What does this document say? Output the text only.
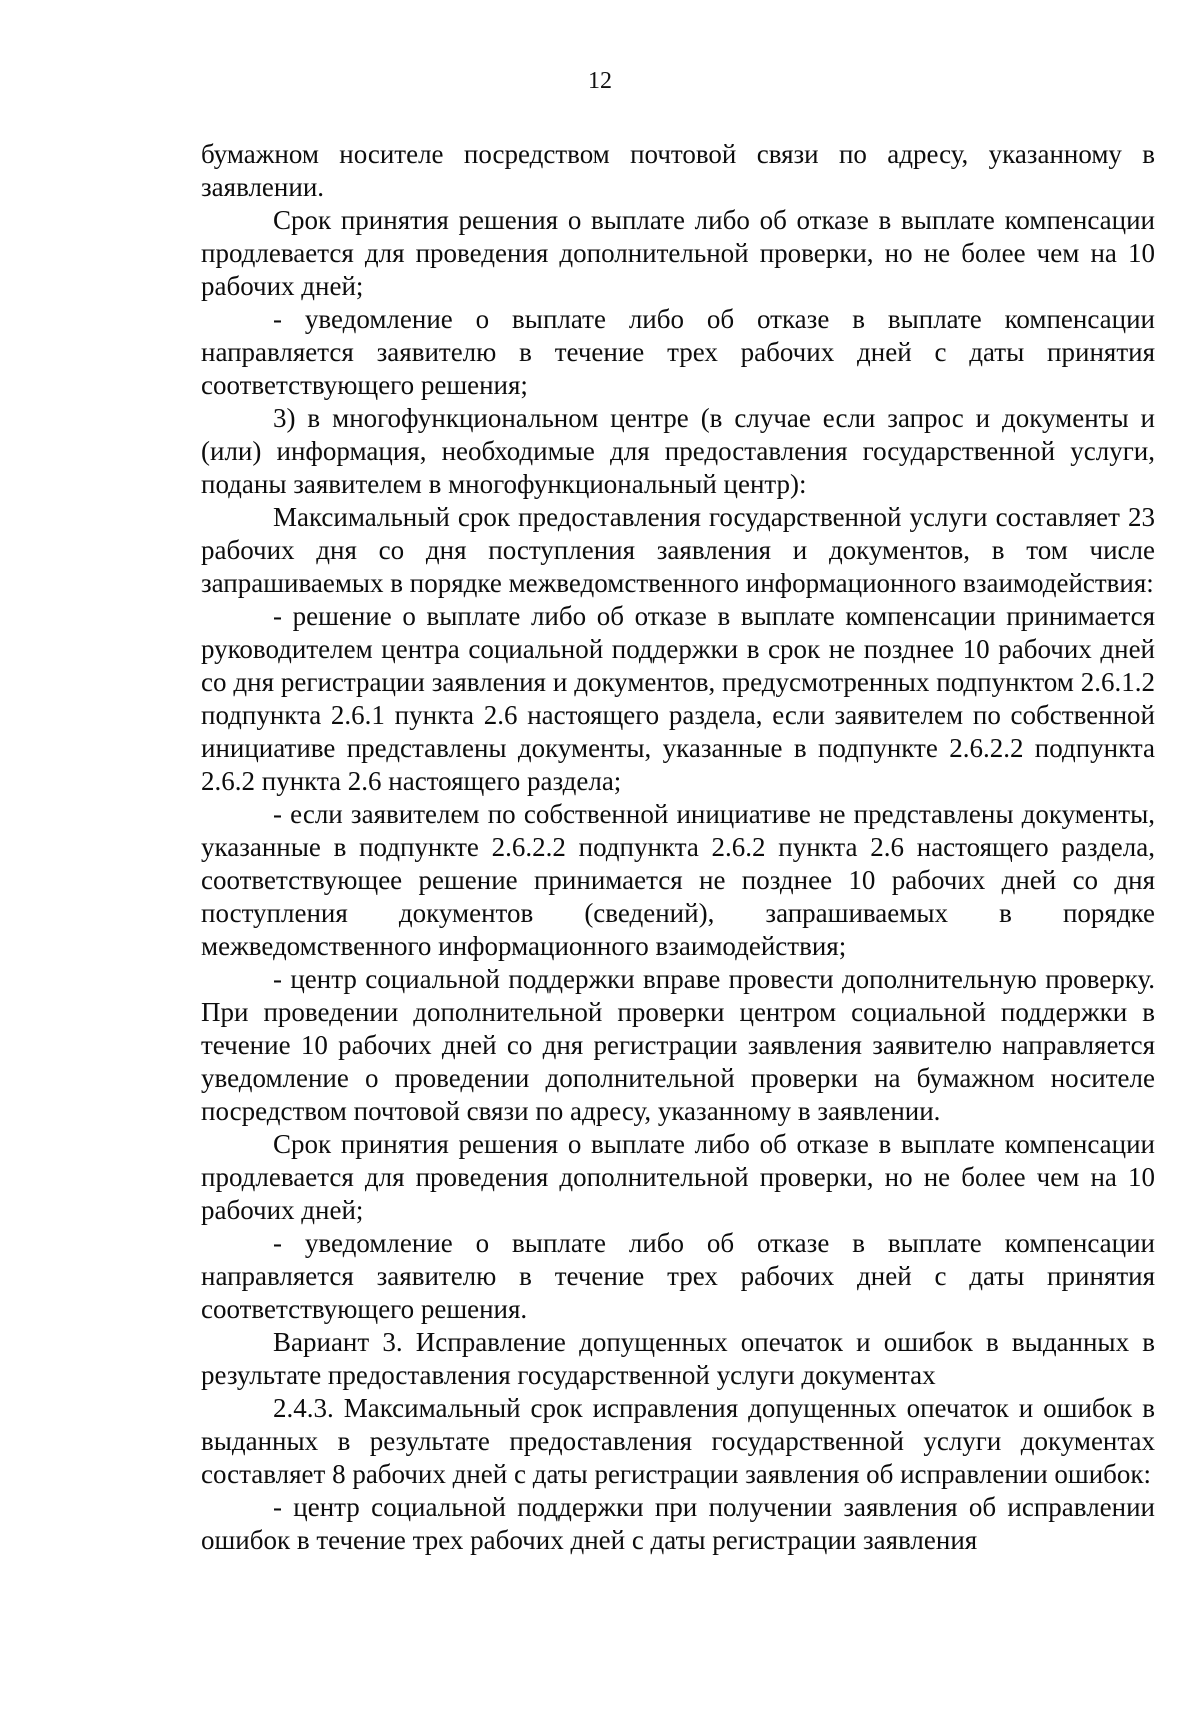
12

бумажном носителе посредством почтовой связи по адресу, указанному в заявлении.

Срок принятия решения о выплате либо об отказе в выплате компенсации продлевается для проведения дополнительной проверки, но не более чем на 10 рабочих дней;

- уведомление о выплате либо об отказе в выплате компенсации направляется заявителю в течение трех рабочих дней с даты принятия соответствующего решения;

3) в многофункциональном центре (в случае если запрос и документы и (или) информация, необходимые для предоставления государственной услуги, поданы заявителем в многофункциональный центр):

Максимальный срок предоставления государственной услуги составляет 23 рабочих дня со дня поступления заявления и документов, в том числе запрашиваемых в порядке межведомственного информационного взаимодействия:

- решение о выплате либо об отказе в выплате компенсации принимается руководителем центра социальной поддержки в срок не позднее 10 рабочих дней со дня регистрации заявления и документов, предусмотренных подпунктом 2.6.1.2 подпункта 2.6.1 пункта 2.6 настоящего раздела, если заявителем по собственной инициативе представлены документы, указанные в подпункте 2.6.2.2 подпункта 2.6.2 пункта 2.6 настоящего раздела;

- если заявителем по собственной инициативе не представлены документы, указанные в подпункте 2.6.2.2 подпункта 2.6.2 пункта 2.6 настоящего раздела, соответствующее решение принимается не позднее 10 рабочих дней со дня поступления документов (сведений), запрашиваемых в порядке межведомственного информационного взаимодействия;

- центр социальной поддержки вправе провести дополнительную проверку. При проведении дополнительной проверки центром социальной поддержки в течение 10 рабочих дней со дня регистрации заявления заявителю направляется уведомление о проведении дополнительной проверки на бумажном носителе посредством почтовой связи по адресу, указанному в заявлении.

Срок принятия решения о выплате либо об отказе в выплате компенсации продлевается для проведения дополнительной проверки, но не более чем на 10 рабочих дней;

- уведомление о выплате либо об отказе в выплате компенсации направляется заявителю в течение трех рабочих дней с даты принятия соответствующего решения.

Вариант 3. Исправление допущенных опечаток и ошибок в выданных в результате предоставления государственной услуги документах

2.4.3. Максимальный срок исправления допущенных опечаток и ошибок в выданных в результате предоставления государственной услуги документах составляет 8 рабочих дней с даты регистрации заявления об исправлении ошибок:

- центр социальной поддержки при получении заявления об исправлении ошибок в течение трех рабочих дней с даты регистрации заявления
